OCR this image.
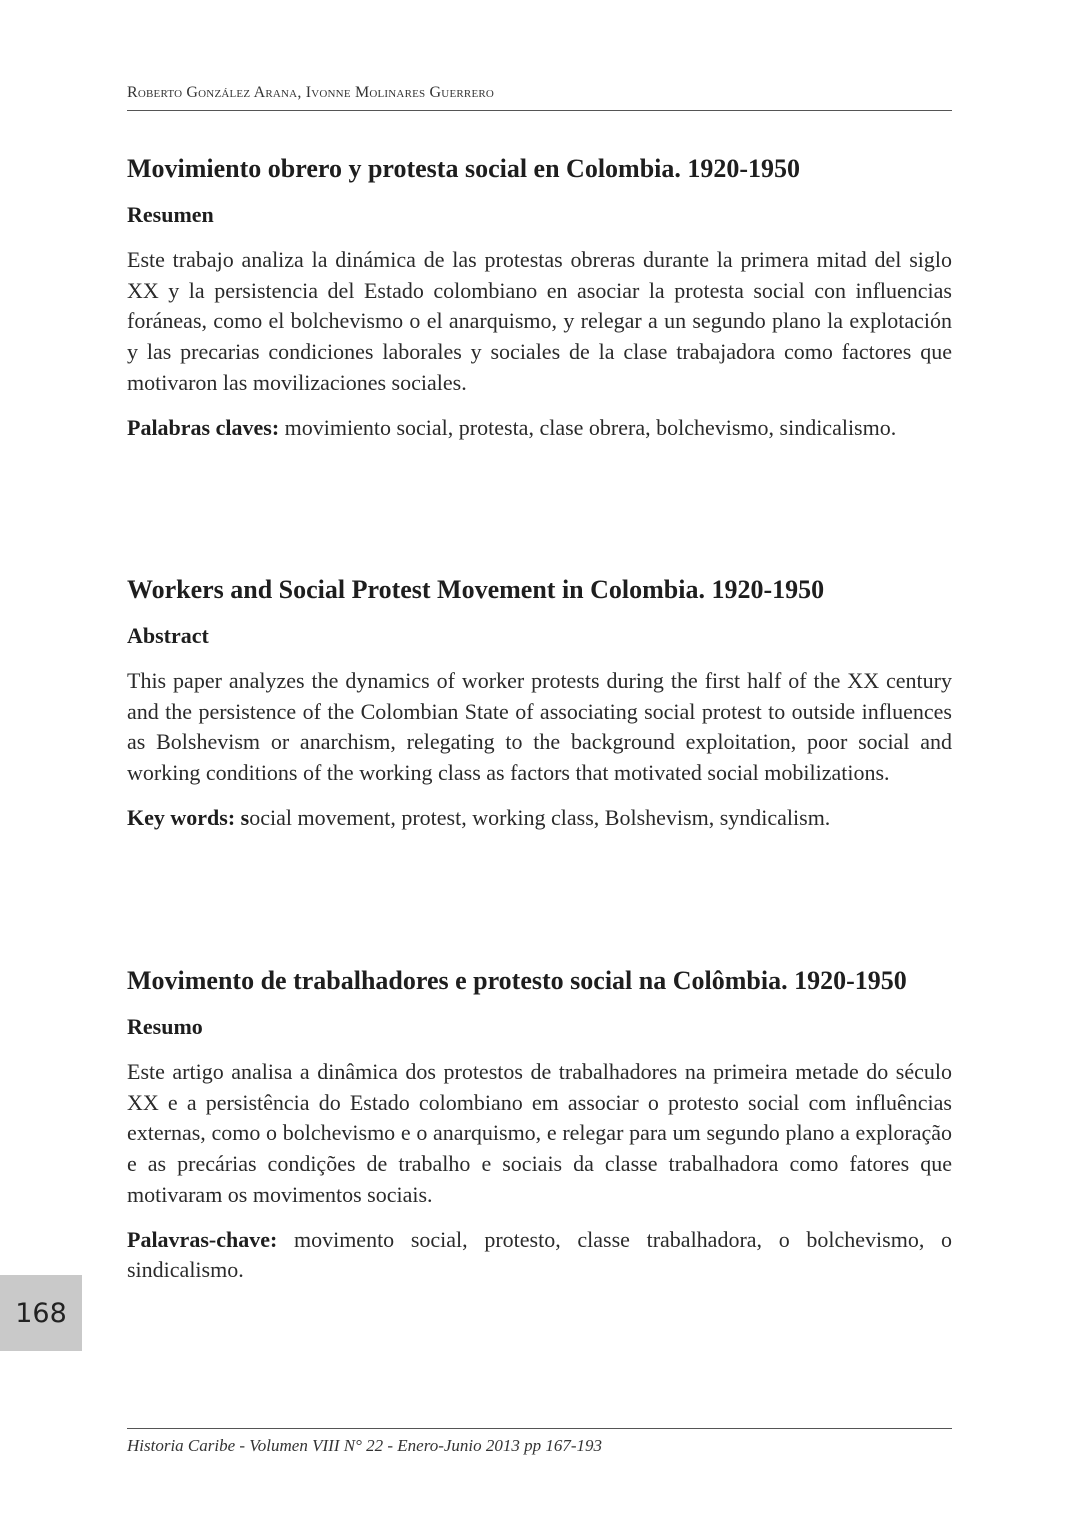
Roberto González Arana, Ivonne Molinares Guerrero
Movimiento obrero y protesta social en Colombia. 1920-1950
Resumen

Este trabajo analiza la dinámica de las protestas obreras durante la primera mitad del siglo XX y la persistencia del Estado colombiano en asociar la protesta social con influencias foráneas, como el bolchevismo o el anarquismo, y relegar a un segundo plano la explotación y las precarias condiciones laborales y sociales de la clase trabajadora como factores que motivaron las movilizaciones sociales.

Palabras claves: movimiento social, protesta, clase obrera, bolchevismo, sindicalismo.

Workers and Social Protest Movement in Colombia. 1920-1950
Abstract

This paper analyzes the dynamics of worker protests during the first half of the XX century and the persistence of the Colombian State of associating social protest to outside influences as Bolshevism or anarchism, relegating to the background exploitation, poor social and working conditions of the working class as factors that motivated social mobilizations.

Key words: social movement, protest, working class, Bolshevism, syndicalism.

Movimento de trabalhadores e protesto social na Colômbia. 1920-1950
Resumo

Este artigo analisa a dinâmica dos protestos de trabalhadores na primeira metade do século XX e a persistência do Estado colombiano em associar o protesto social com influências externas, como o bolchevismo e o anarquismo, e relegar para um segundo plano a exploração e as precárias condições de trabalho e sociais da classe trabalhadora como fatores que motivaram os movimentos sociais.

Palavras-chave: movimento social, protesto, classe trabalhadora, o bolchevismo, o sindicalismo.

168
Historia Caribe - Volumen VIII N° 22 - Enero-Junio 2013 pp 167-193
